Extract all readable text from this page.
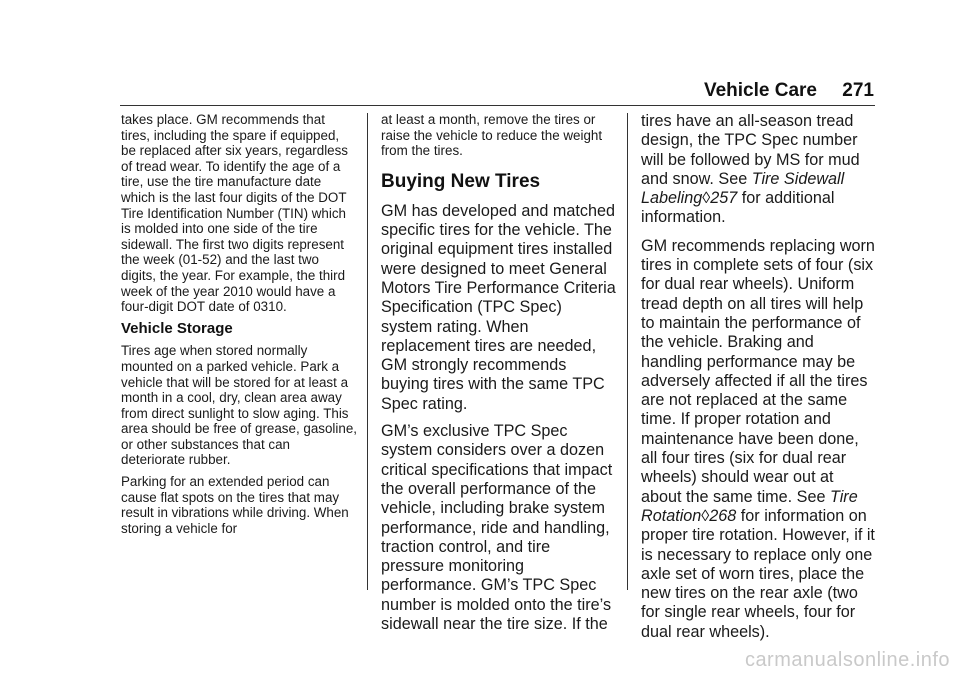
Vehicle Care 271

takes place. GM recommends that tires, including the spare if equipped, be replaced after six years, regardless of tread wear. To identify the age of a tire, use the tire manufacture date which is the last four digits of the DOT Tire Identification Number (TIN) which is molded into one side of the tire sidewall. The first two digits represent the week (01-52) and the last two digits, the year. For example, the third week of the year 2010 would have a four-digit DOT date of 0310.

Vehicle Storage

Tires age when stored normally mounted on a parked vehicle. Park a vehicle that will be stored for at least a month in a cool, dry, clean area away from direct sunlight to slow aging. This area should be free of grease, gasoline, or other substances that can deteriorate rubber.

Parking for an extended period can cause flat spots on the tires that may result in vibrations while driving. When storing a vehicle for

at least a month, remove the tires or raise the vehicle to reduce the weight from the tires.

Buying New Tires

GM has developed and matched specific tires for the vehicle. The original equipment tires installed were designed to meet General Motors Tire Performance Criteria Specification (TPC Spec) system rating. When replacement tires are needed, GM strongly recommends buying tires with the same TPC Spec rating.

GM’s exclusive TPC Spec system considers over a dozen critical specifications that impact the overall performance of the vehicle, including brake system performance, ride and handling, traction control, and tire pressure monitoring performance. GM’s TPC Spec number is molded onto the tire’s sidewall near the tire size. If the

tires have an all-season tread design, the TPC Spec number will be followed by MS for mud and snow. See Tire Sidewall Labeling◊257 for additional information.

GM recommends replacing worn tires in complete sets of four (six for dual rear wheels). Uniform tread depth on all tires will help to maintain the performance of the vehicle. Braking and handling performance may be adversely affected if all the tires are not replaced at the same time. If proper rotation and maintenance have been done, all four tires (six for dual rear wheels) should wear out at about the same time. See Tire Rotation◊268 for information on proper tire rotation. However, if it is necessary to replace only one axle set of worn tires, place the new tires on the rear axle (two for single rear wheels, four for dual rear wheels).

carmanualsonline.info
